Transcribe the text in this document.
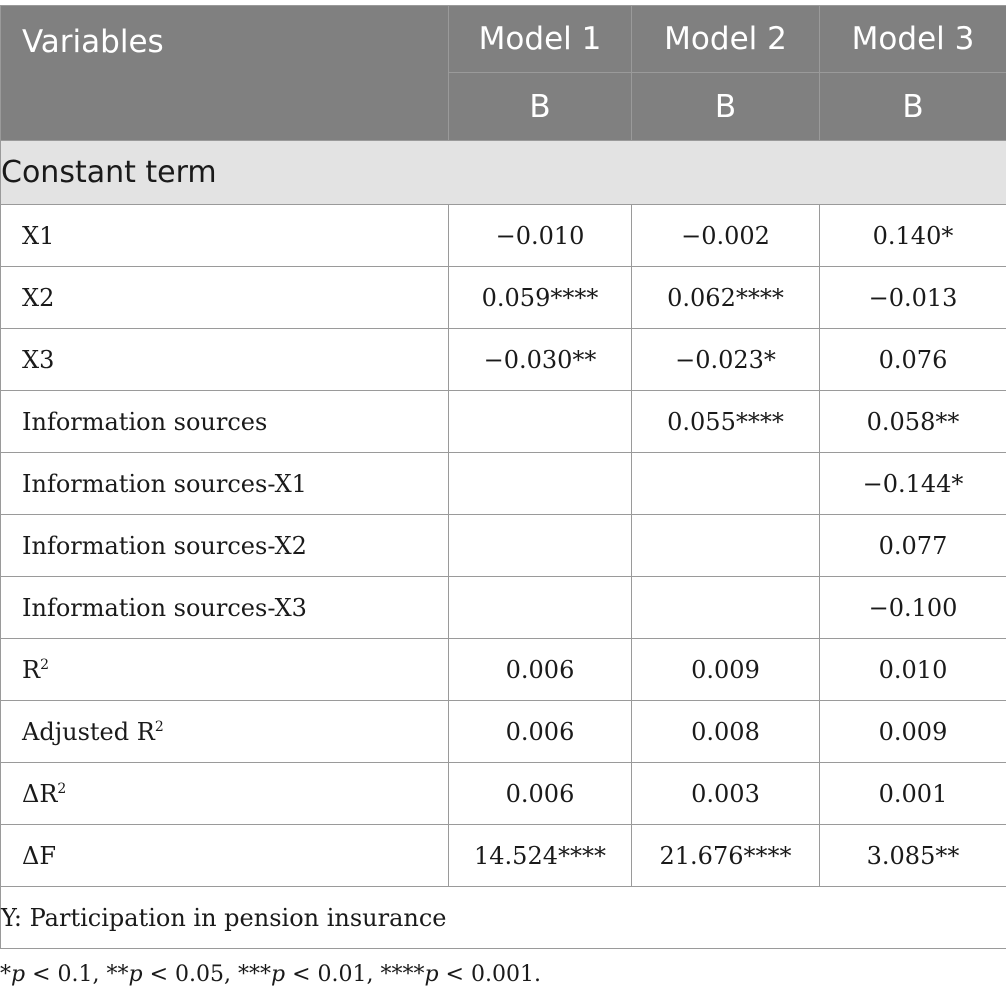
Variables	Model 1	Model 2	Model 3
	B	B	B
Constant term			
X1	−0.010	−0.002	0.140*
X2	0.059****	0.062****	−0.013
X3	−0.030**	−0.023*	0.076
Information sources		0.055****	0.058**
Information sources-X1			−0.144*
Information sources-X2			0.077
Information sources-X3			−0.100
$R^2$	0.006	0.009	0.010
Adjusted $R^2$	0.006	0.008	0.009
$\Delta R^2$	0.006	0.003	0.001
ΔF	14.524****	21.676****	3.085**
Y: Participation in pension insurance			
*p < 0.1, **p < 0.05, ***p < 0.01, ****p < 0.001.
